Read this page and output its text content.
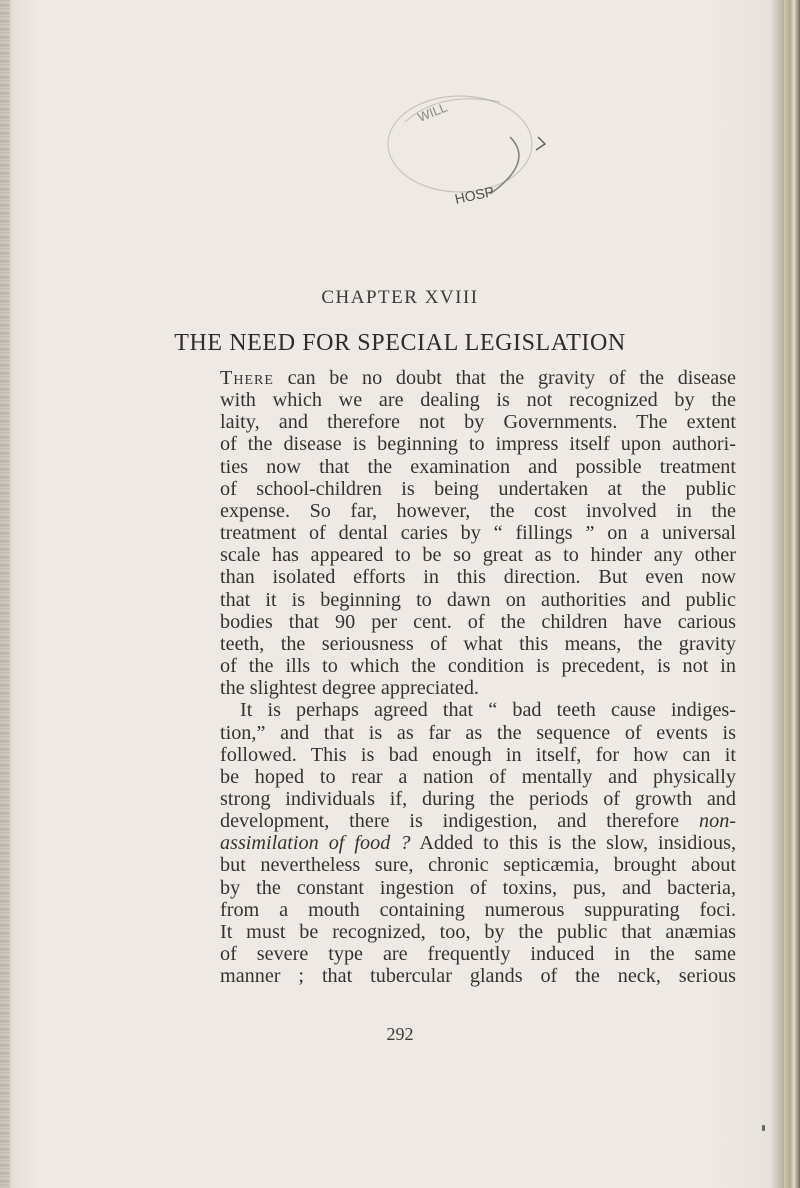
WILL
HOSP
CHAPTER XVIII
THE NEED FOR SPECIAL LEGISLATION
There can be no doubt that the gravity of the disease
with which we are dealing is not recognized by the
laity, and therefore not by Governments. The extent
of the disease is beginning to impress itself upon authori-
ties now that the examination and possible treatment
of school-children is being undertaken at the public
expense. So far, however, the cost involved in the
treatment of dental caries by “ fillings ” on a universal
scale has appeared to be so great as to hinder any other
than isolated efforts in this direction. But even now
that it is beginning to dawn on authorities and public
bodies that 90 per cent. of the children have carious
teeth, the seriousness of what this means, the gravity
of the ills to which the condition is precedent, is not in
the slightest degree appreciated.
It is perhaps agreed that “ bad teeth cause indiges-
tion,” and that is as far as the sequence of events is
followed. This is bad enough in itself, for how can it
be hoped to rear a nation of mentally and physically
strong individuals if, during the periods of growth and
development, there is indigestion, and therefore non-
assimilation of food ? Added to this is the slow, insidious,
but nevertheless sure, chronic septicæmia, brought about
by the constant ingestion of toxins, pus, and bacteria,
from a mouth containing numerous suppurating foci.
It must be recognized, too, by the public that anæmias
of severe type are frequently induced in the same
manner ; that tubercular glands of the neck, serious
292
